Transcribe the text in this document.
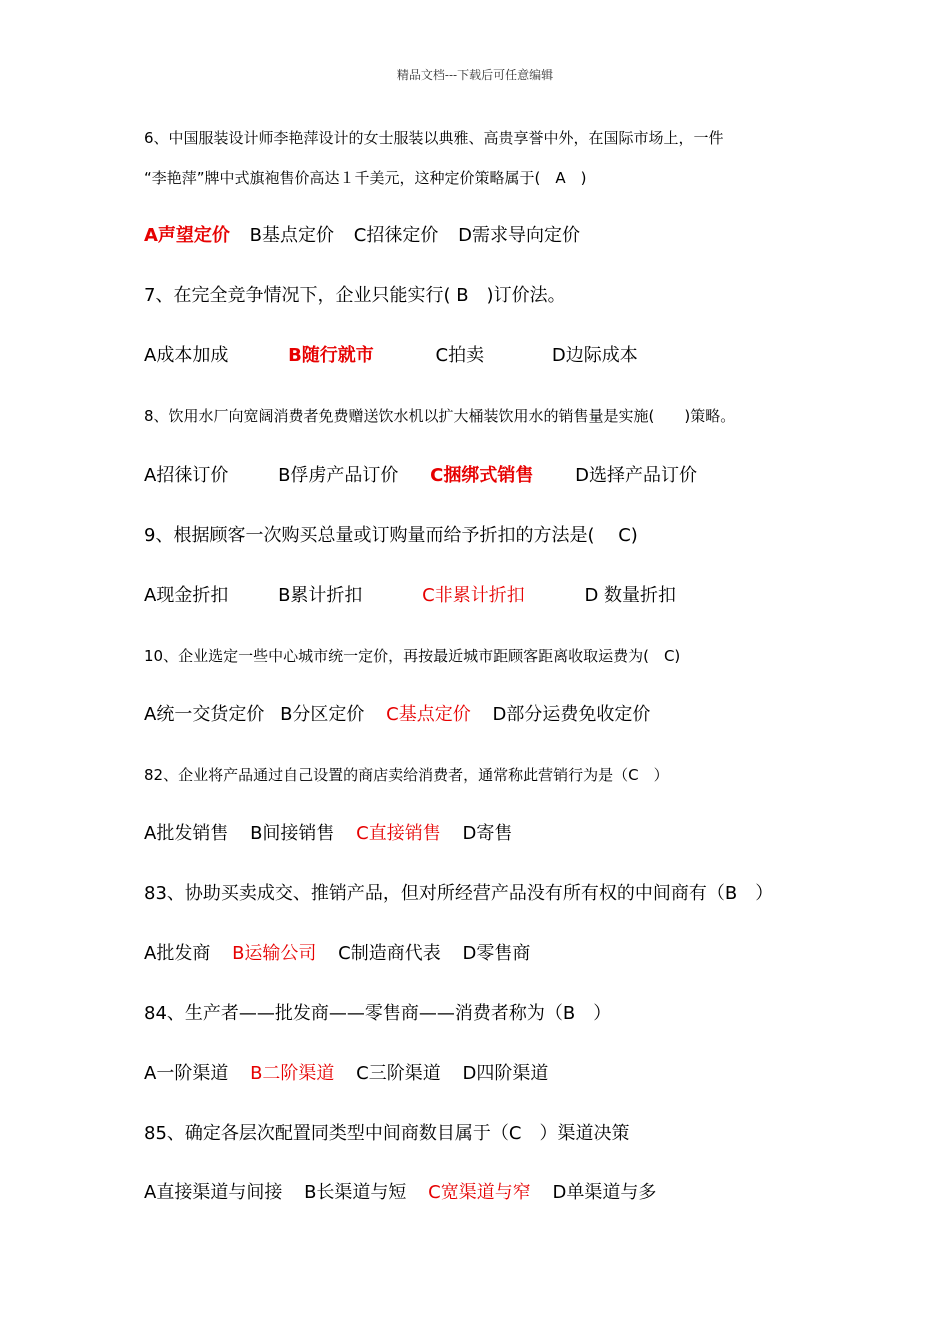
精品文档---下载后可任意编辑
6、中国服装设计师李艳萍设计的女士服装以典雅、高贵享誉中外，在国际市场上，一件
“李艳萍”牌中式旗袍售价高达１千美元，这种定价策略属于(　A　)
A声望定价 B基点定价 C招徕定价 D需求导向定价
7、在完全竞争情况下，企业只能实行( B　)订价法。
A成本加成	B随行就市	C拍卖	D边际成本
8、饮用水厂向宽阔消费者免费赠送饮水机以扩大桶装饮用水的销售量是实施(　　)策略。
A招徕订价	B俘虏产品订价 C捆绑式销售 D选择产品订价
9、根据顾客一次购买总量或订购量而给予折扣的方法是(　 C)
A现金折扣	B累计折扣	C非累计折扣	D 数量折扣
10、企业选定一些中心城市统一定价，再按最近城市距顾客距离收取运费为(　C)
A统一交货定价 B分区定价 C基点定价 D部分运费免收定价
82、企业将产品通过自己设置的商店卖给消费者，通常称此营销行为是（C　）
A批发销售 B间接销售 C直接销售 D寄售
83、协助买卖成交、推销产品，但对所经营产品没有所有权的中间商有（B　）
A批发商 B运输公司 C制造商代表 D零售商
84、生产者——批发商——零售商——消费者称为（B　）
A一阶渠道 B二阶渠道 C三阶渠道 D四阶渠道
85、确定各层次配置同类型中间商数目属于（C　）渠道决策
A直接渠道与间接 B长渠道与短 C宽渠道与窄 D单渠道与多
